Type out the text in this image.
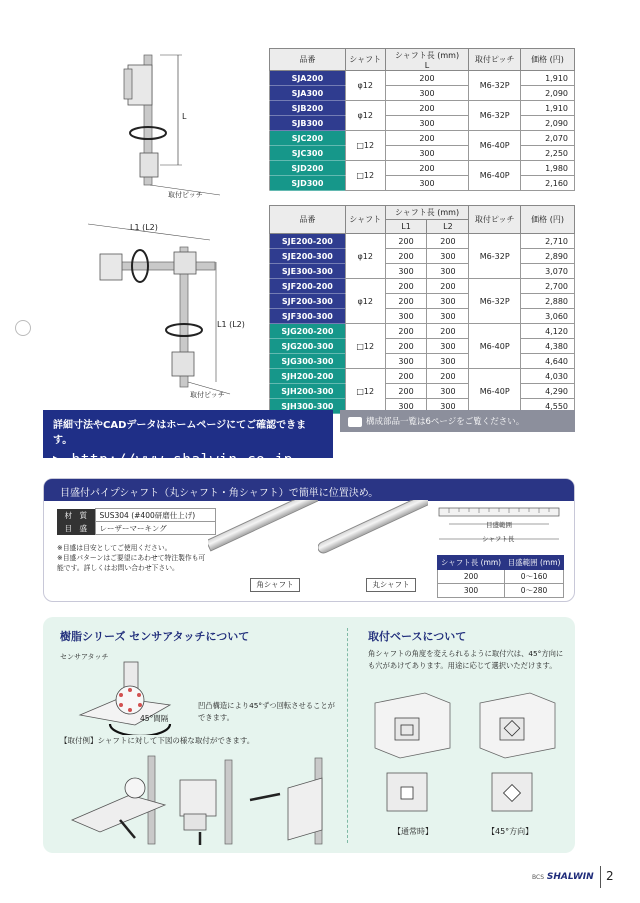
L
取付ピッチ
L1 (L2)
L1 (L2)
取付ピッチ
品番	シャフト	シャフト長 (mm)
L	取付ピッチ	価格 (円)
SJA200	φ12	200	M6-32P	1,910
SJA300		300		2,090
SJB200	φ12	200	M6-32P	1,910
SJB300		300		2,090
SJC200	□12	200	M6-40P	2,070
SJC300		300		2,250
SJD200	□12	200	M6-40P	1,980
SJD300		300		2,160
品番	シャフト	シャフト長 (mm)		取付ピッチ	価格 (円)
		L1	L2		
SJE200-200	φ12	200	200	M6-32P	2,710
SJE200-300		200	300		2,890
SJE300-300		300	300		3,070
SJF200-200	φ12	200	200	M6-32P	2,700
SJF200-300		200	300		2,880
SJF300-300		300	300		3,060
SJG200-200	□12	200	200	M6-40P	4,120
SJG200-300		200	300		4,380
SJG300-300		300	300		4,640
SJH200-200	□12	200	200	M6-40P	4,030
SJH200-300		200	300		4,290
SJH300-300		300	300		4,550
詳細寸法やCADデータはホームページにてご確認できます。
▶ http://www.shalwin.co.jp
構成部品一覧は6ページをご覧ください。
目盛付パイプシャフト（丸シャフト・角シャフト）で簡単に位置決め。
材　質	SUS304 (#400研磨仕上げ)
目　盛	レーザーマーキング
※目盛は目安としてご使用ください。
※目盛パターンはご要望にあわせて特注製作も可能です。詳しくはお問い合わせ下さい。
角シャフト	丸シャフト
目盛範囲
シャフト長
シャフト長 (mm)	目盛範囲 (mm)
200	0～160
300	0～280
樹脂シリーズ センサアタッチについて
センサアタッチ
45°間隔
凹凸構造により45°ずつ回転させることができます。
【取付例】シャフトに対して下図の様な取付ができます。
取付ベースについて
角シャフトの角度を変えられるように取付穴は、45°方向にも穴があけてあります。用途に応じて選択いただけます。
【通常時】	【45°方向】
BCS SHALWIN 2
